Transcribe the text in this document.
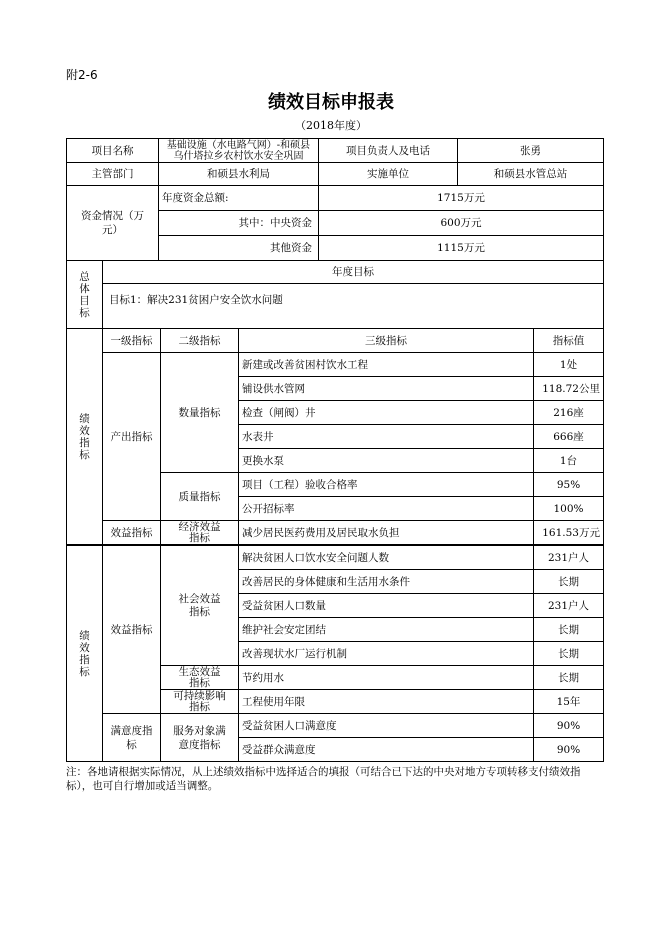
附2-6
绩效目标申报表
（2018年度）
项目名称	基础设施（水电路气网）-和硕县乌什塔拉乡农村饮水安全巩固	项目负责人及电话	张勇
主管部门	和硕县水利局	实施单位	和硕县水管总站
资金情况（万元）	年度资金总额:	1715万元
	其中：中央资金	600万元
	其他资金	1115万元
总体目标	年度目标
目标1：解决231贫困户安全饮水问题
绩效指标	一级指标	二级指标	三级指标	指标值
	产出指标	数量指标	新建或改善贫困村饮水工程	1处
			铺设供水管网	118.72公里
			检查（闸阀）井	216座
			水表井	666座
			更换水泵	1台
		质量指标	项目（工程）验收合格率	95%
			公开招标率	100%
	效益指标	经济效益指标	减少居民医药费用及居民取水负担	161.53万元
绩效指标	效益指标	社会效益指标	解决贫困人口饮水安全问题人数	231户人
			改善居民的身体健康和生活用水条件	长期
			受益贫困人口数量	231户人
			维护社会安定团结	长期
			改善现状水厂运行机制	长期
		生态效益指标	节约用水	长期
		可持续影响指标	工程使用年限	15年
	满意度指标	服务对象满意度指标	受益贫困人口满意度	90%
			受益群众满意度	90%
注：各地请根据实际情况，从上述绩效指标中选择适合的填报（可结合已下达的中央对地方专项转移支付绩效指标），也可自行增加或适当调整。
